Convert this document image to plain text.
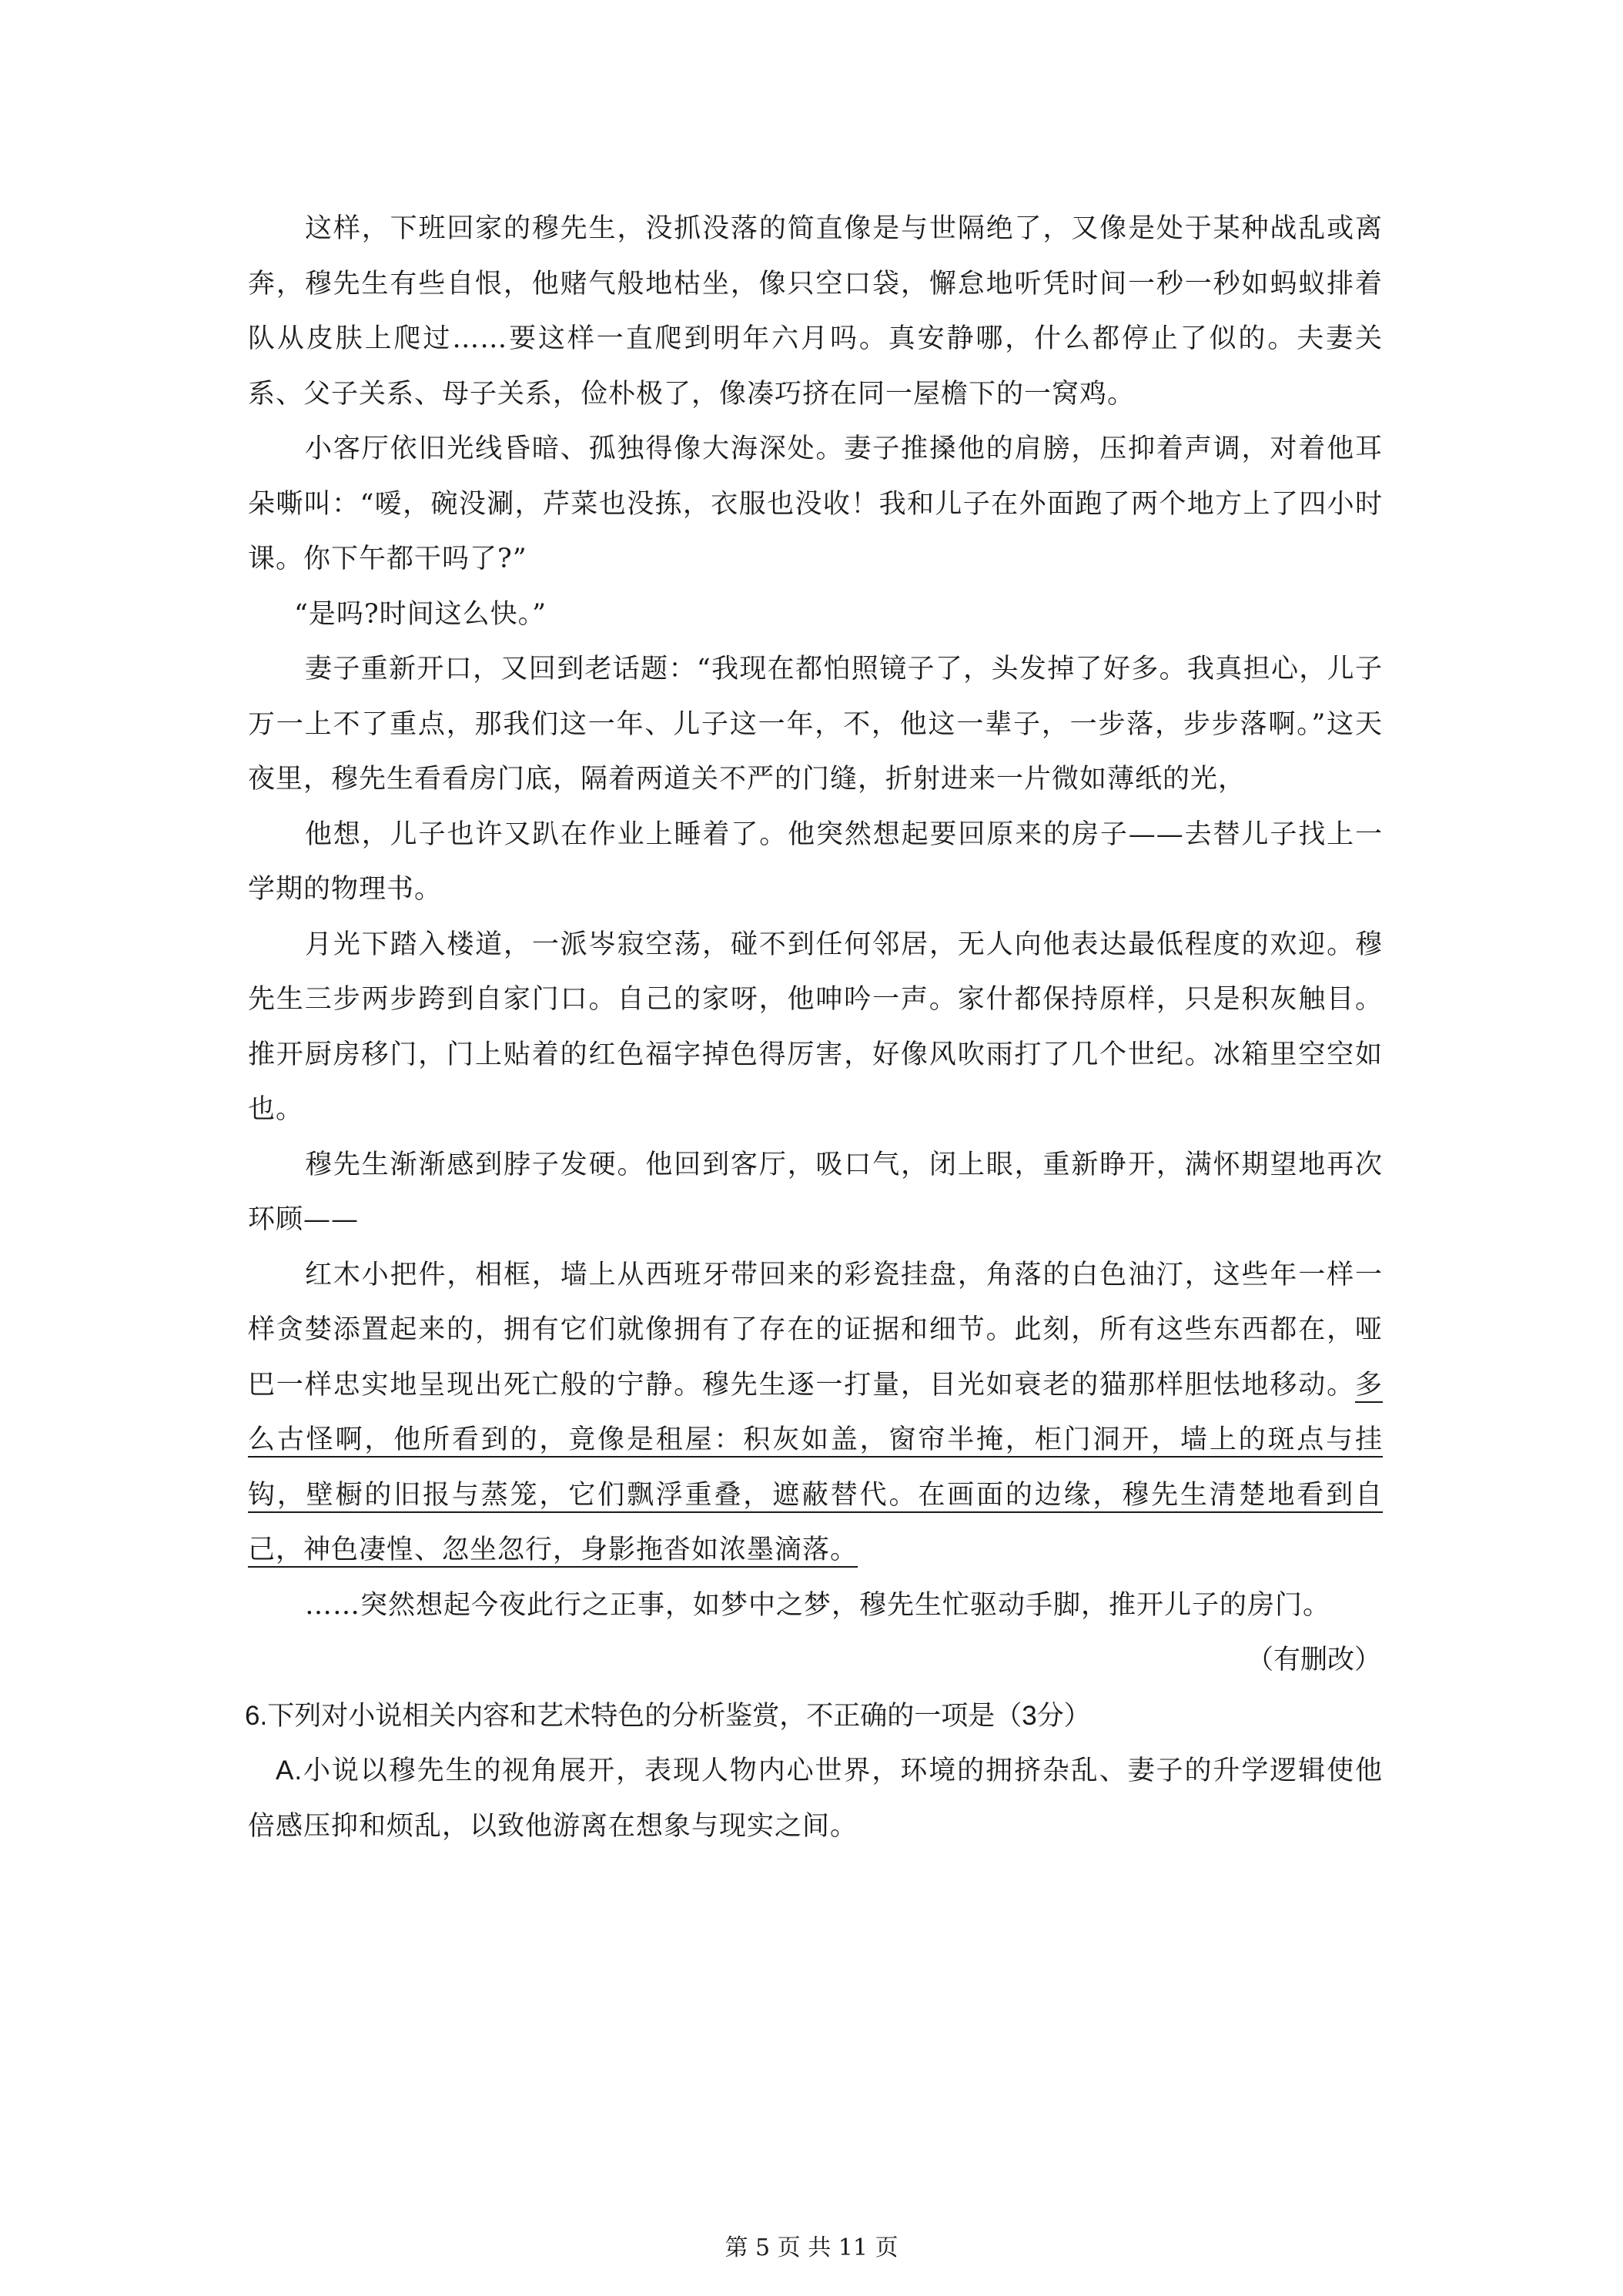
这样，下班回家的穆先生，没抓没落的简直像是与世隔绝了，又像是处于某种战乱或离奔，穆先生有些自恨，他赌气般地枯坐，像只空口袋，懈怠地听凭时间一秒一秒如蚂蚁排着队从皮肤上爬过……要这样一直爬到明年六月吗。真安静哪，什么都停止了似的。夫妻关系、父子关系、母子关系，俭朴极了，像凑巧挤在同一屋檐下的一窝鸡。

小客厅依旧光线昏暗、孤独得像大海深处。妻子推搡他的肩膀，压抑着声调，对着他耳朵嘶叫：“嗳，碗没涮，芹菜也没拣，衣服也没收！我和儿子在外面跑了两个地方上了四小时课。你下午都干吗了?”

“是吗?时间这么快。”

妻子重新开口，又回到老话题：“我现在都怕照镜子了，头发掉了好多。我真担心，儿子万一上不了重点，那我们这一年、儿子这一年，不，他这一辈子，一步落，步步落啊。”这天夜里，穆先生看看房门底，隔着两道关不严的门缝，折射进来一片微如薄纸的光，

他想，儿子也许又趴在作业上睡着了。他突然想起要回原来的房子——去替儿子找上一学期的物理书。

月光下踏入楼道，一派岑寂空荡，碰不到任何邻居，无人向他表达最低程度的欢迎。穆先生三步两步跨到自家门口。自己的家呀，他呻吟一声。家什都保持原样，只是积灰触目。推开厨房移门，门上贴着的红色福字掉色得厉害，好像风吹雨打了几个世纪。冰箱里空空如也。

穆先生渐渐感到脖子发硬。他回到客厅，吸口气，闭上眼，重新睁开，满怀期望地再次环顾——

红木小把件，相框，墙上从西班牙带回来的彩瓷挂盘，角落的白色油汀，这些年一样一样贪婪添置起来的，拥有它们就像拥有了存在的证据和细节。此刻，所有这些东西都在，哑巴一样忠实地呈现出死亡般的宁静。穆先生逐一打量，目光如衰老的猫那样胆怯地移动。多么古怪啊，他所看到的，竟像是租屋：积灰如盖，窗帘半掩，柜门洞开，墙上的斑点与挂钩，壁橱的旧报与蒸笼，它们飘浮重叠，遮蔽替代。在画面的边缘，穆先生清楚地看到自己，神色凄惶、忽坐忽行，身影拖沓如浓墨滴落。

……突然想起今夜此行之正事，如梦中之梦，穆先生忙驱动手脚，推开儿子的房门。

（有删改）
6.下列对小说相关内容和艺术特色的分析鉴赏，不正确的一项是（3分）
A.小说以穆先生的视角展开，表现人物内心世界，环境的拥挤杂乱、妻子的升学逻辑使他倍感压抑和烦乱，以致他游离在想象与现实之间。
第 5 页 共 11 页
